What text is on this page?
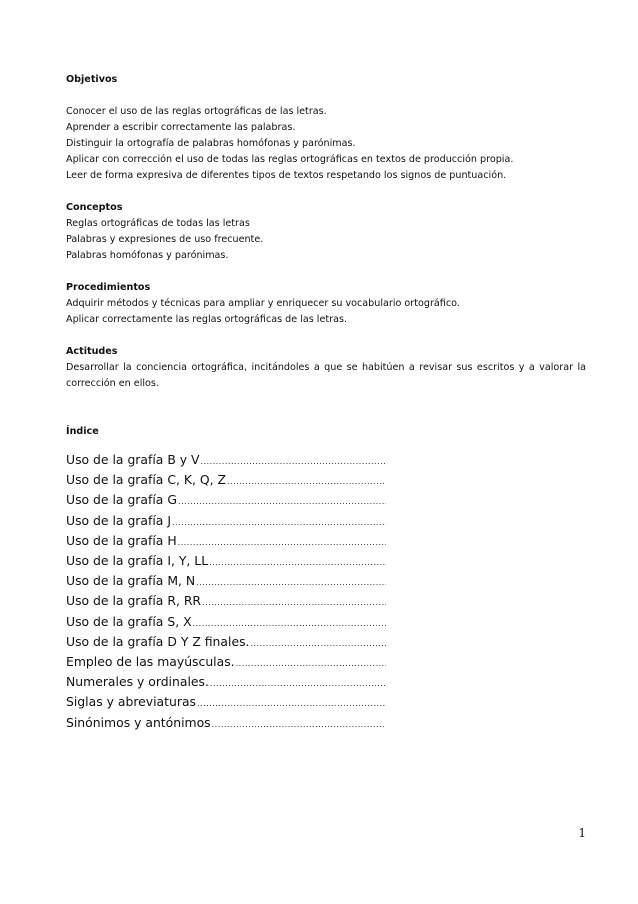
Objetivos

Conocer el uso de las reglas ortográficas de las letras.

Aprender a escribir correctamente las palabras.

Distinguir la ortografía de palabras homófonas y parónimas.

Aplicar con corrección el uso de todas las reglas ortográficas en textos de producción propia.

Leer de forma expresiva de diferentes tipos de textos respetando los signos de puntuación.

Conceptos

Reglas ortográficas de todas las letras

Palabras y expresiones de uso frecuente.

Palabras homófonas y parónimas.

Procedimientos

Adquirir métodos y técnicas para ampliar y enriquecer su vocabulario ortográfico.

Aplicar correctamente las reglas ortográficas de las letras.

Actitudes

Desarrollar la conciencia ortográfica, incitándoles a que se habitúen a revisar sus escritos y a valorar la corrección en ellos.

Índice

Uso de la grafía B y V
.....
Uso de la grafía C, K, Q, Z
.....
Uso de la grafía G
.....
Uso de la grafía J
.....
Uso de la grafía H
.....
Uso de la grafía I, Y, LL
.....
Uso de la grafía M, N
.....
Uso de la grafía R, RR
.....
Uso de la grafía S, X
.....
Uso de la grafía D Y Z finales.
.....
Empleo de las mayúsculas.
.....
Numerales y ordinales.
.....
Siglas y abreviaturas
.....
Sinónimos y antónimos
.....
1
